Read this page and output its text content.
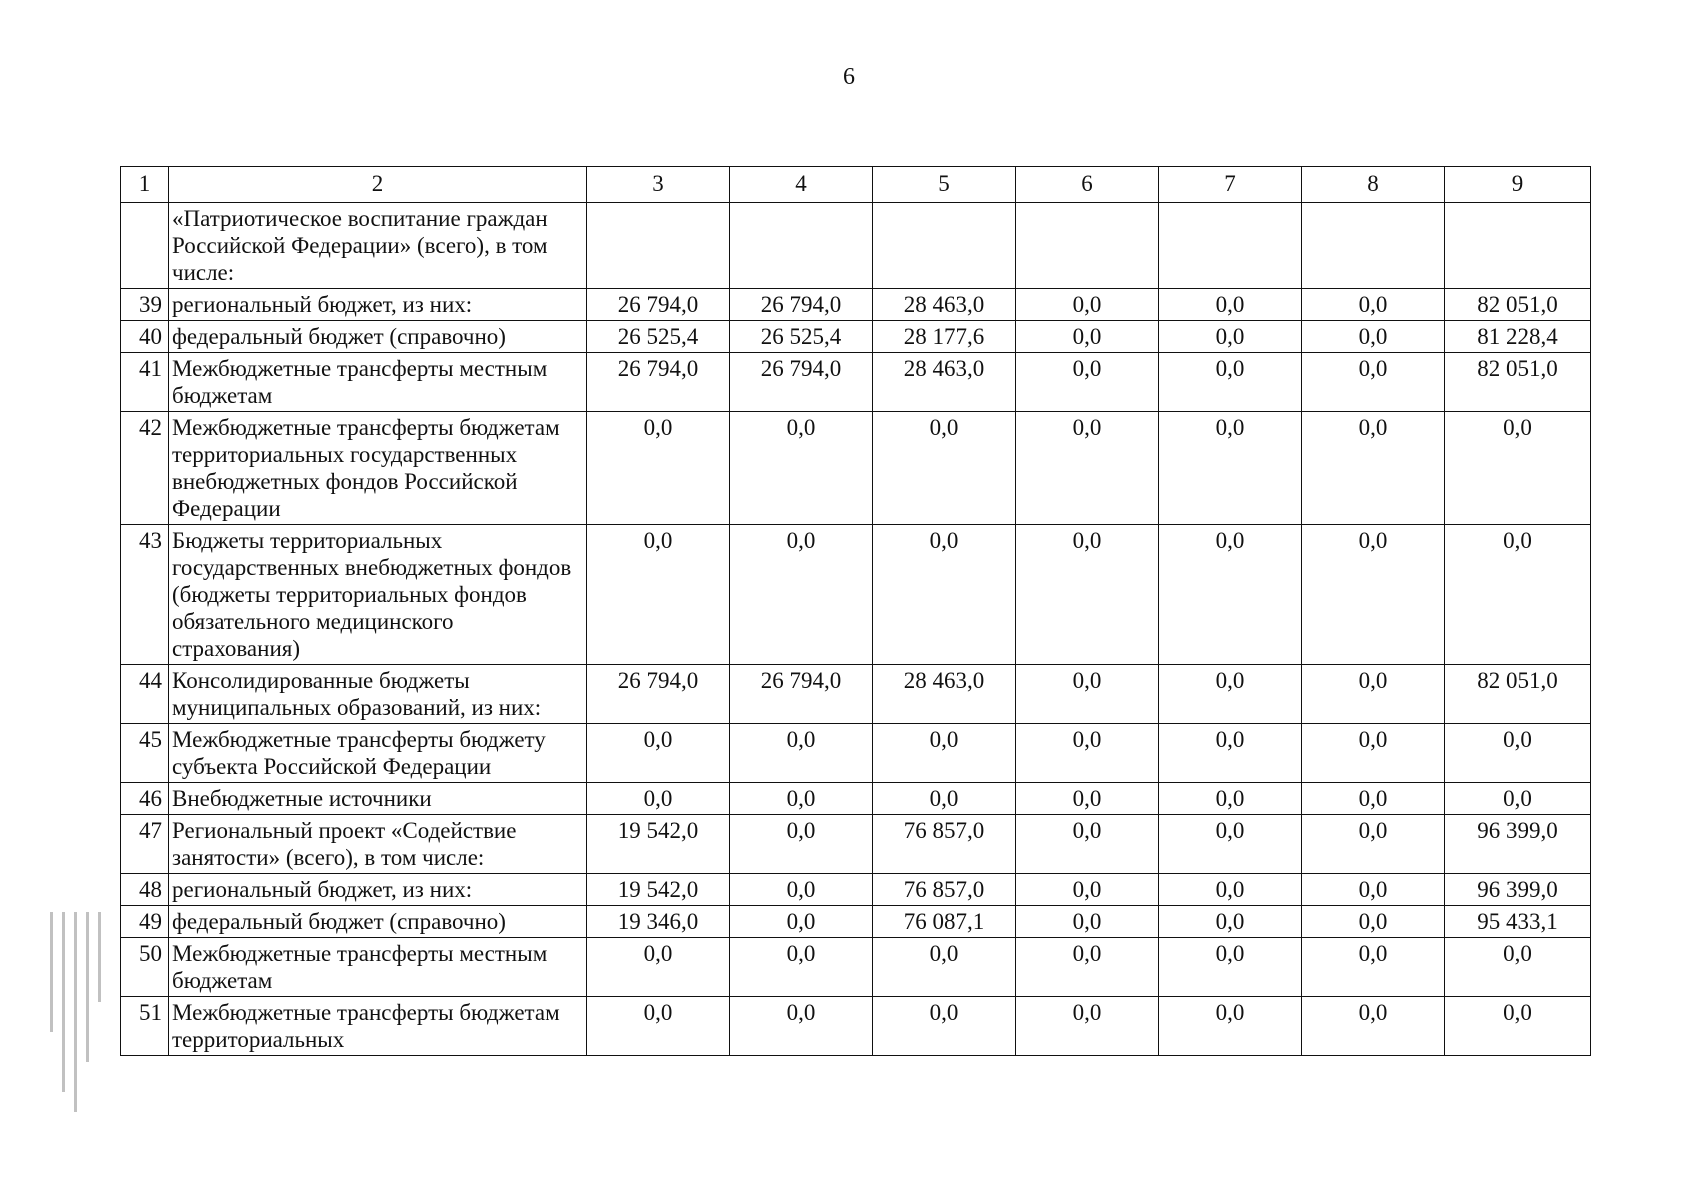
6
1	2	3	4	5	6	7	8	9
	«Патриотическое воспитание граждан Российской Федерации» (всего), в том числе:							
39	региональный бюджет, из них:	26 794,0	26 794,0	28 463,0	0,0	0,0	0,0	82 051,0
40	федеральный бюджет (справочно)	26 525,4	26 525,4	28 177,6	0,0	0,0	0,0	81 228,4
41	Межбюджетные трансферты местным бюджетам	26 794,0	26 794,0	28 463,0	0,0	0,0	0,0	82 051,0
42	Межбюджетные трансферты бюджетам территориальных государственных внебюджетных фондов Российской Федерации	0,0	0,0	0,0	0,0	0,0	0,0	0,0
43	Бюджеты территориальных государственных внебюджетных фондов (бюджеты территориальных фондов обязательного медицинского страхования)	0,0	0,0	0,0	0,0	0,0	0,0	0,0
44	Консолидированные бюджеты муниципальных образований, из них:	26 794,0	26 794,0	28 463,0	0,0	0,0	0,0	82 051,0
45	Межбюджетные трансферты бюджету субъекта Российской Федерации	0,0	0,0	0,0	0,0	0,0	0,0	0,0
46	Внебюджетные источники	0,0	0,0	0,0	0,0	0,0	0,0	0,0
47	Региональный проект «Содействие занятости» (всего), в том числе:	19 542,0	0,0	76 857,0	0,0	0,0	0,0	96 399,0
48	региональный бюджет, из них:	19 542,0	0,0	76 857,0	0,0	0,0	0,0	96 399,0
49	федеральный бюджет (справочно)	19 346,0	0,0	76 087,1	0,0	0,0	0,0	95 433,1
50	Межбюджетные трансферты местным бюджетам	0,0	0,0	0,0	0,0	0,0	0,0	0,0
51	Межбюджетные трансферты бюджетам территориальных	0,0	0,0	0,0	0,0	0,0	0,0	0,0
